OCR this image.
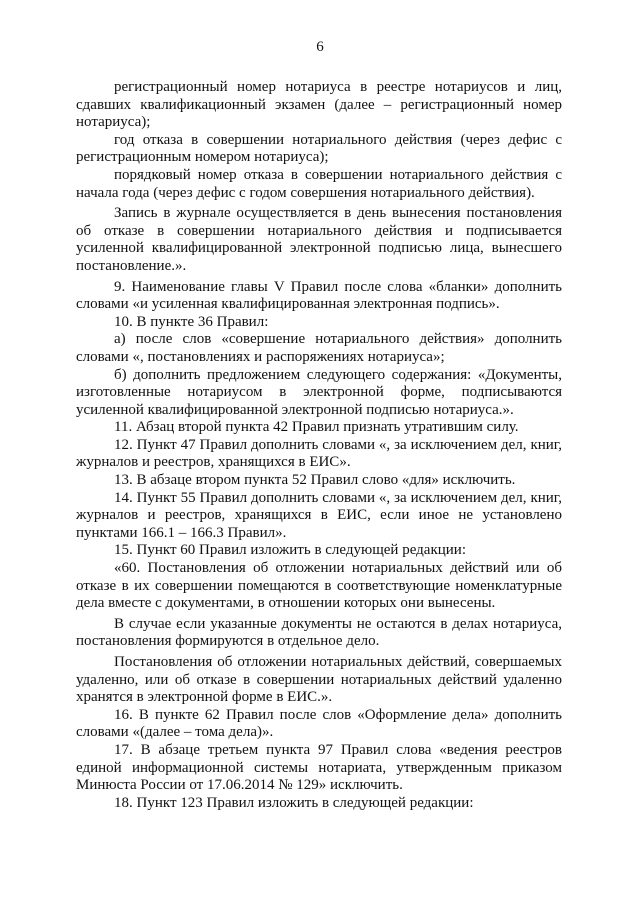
6

регистрационный номер нотариуса в реестре нотариусов и лиц, сдавших квалификационный экзамен (далее – регистрационный номер нотариуса);

год отказа в совершении нотариального действия (через дефис с регистрационным номером нотариуса);

порядковый номер отказа в совершении нотариального действия с начала года (через дефис с годом совершения нотариального действия).

Запись в журнале осуществляется в день вынесения постановления об отказе в совершении нотариального действия и подписывается усиленной квалифицированной электронной подписью лица, вынесшего постановление.».

9. Наименование главы V Правил после слова «бланки» дополнить словами «и усиленная квалифицированная электронная подпись».

10. В пункте 36 Правил:

а) после слов «совершение нотариального действия» дополнить словами «, постановлениях и распоряжениях нотариуса»;

б) дополнить предложением следующего содержания: «Документы, изготовленные нотариусом в электронной форме, подписываются усиленной квалифицированной электронной подписью нотариуса.».

11. Абзац второй пункта 42 Правил признать утратившим силу.

12. Пункт 47 Правил дополнить словами «, за исключением дел, книг, журналов и реестров, хранящихся в ЕИС».

13. В абзаце втором пункта 52 Правил слово «для» исключить.

14. Пункт 55 Правил дополнить словами «, за исключением дел, книг, журналов и реестров, хранящихся в ЕИС, если иное не установлено пунктами 166.1 – 166.3 Правил».

15. Пункт 60 Правил изложить в следующей редакции:

«60. Постановления об отложении нотариальных действий или об отказе в их совершении помещаются в соответствующие номенклатурные дела вместе с документами, в отношении которых они вынесены.

В случае если указанные документы не остаются в делах нотариуса, постановления формируются в отдельное дело.

Постановления об отложении нотариальных действий, совершаемых удаленно, или об отказе в совершении нотариальных действий удаленно хранятся в электронной форме в ЕИС.».

16. В пункте 62 Правил после слов «Оформление дела» дополнить словами «(далее – тома дела)».

17. В абзаце третьем пункта 97 Правил слова «ведения реестров единой информационной системы нотариата, утвержденным приказом Минюста России от 17.06.2014 № 129» исключить.

18. Пункт 123 Правил изложить в следующей редакции:
